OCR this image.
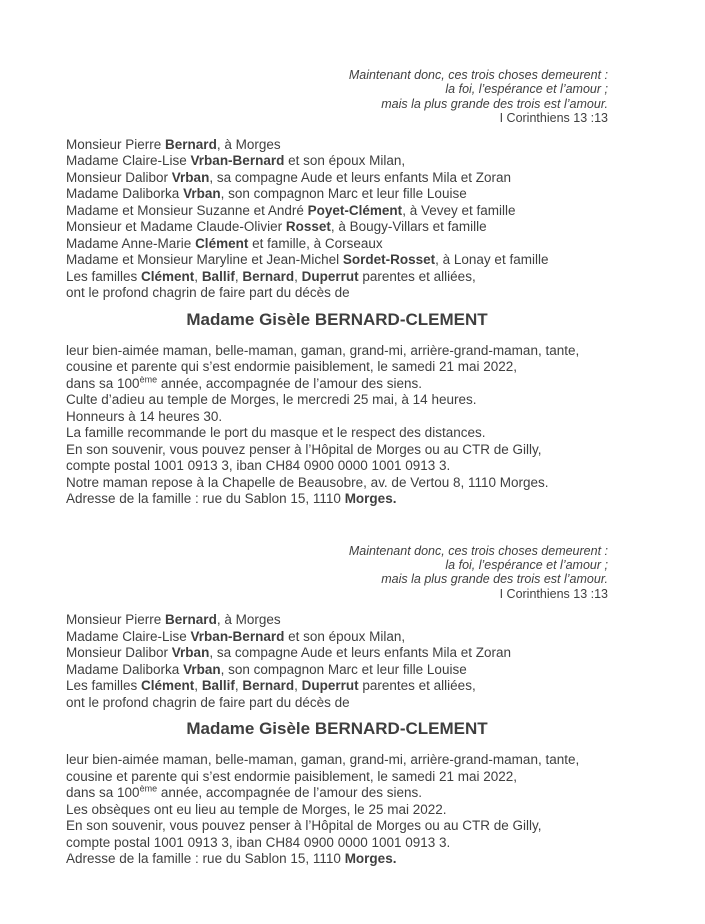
Maintenant donc, ces trois choses demeurent :
la foi, l’espérance et l’amour ;
mais la plus grande des trois est l’amour.
I Corinthiens 13 :13
Monsieur Pierre Bernard, à Morges
Madame Claire-Lise Vrban-Bernard et son époux Milan,
Monsieur Dalibor Vrban, sa compagne Aude et leurs enfants Mila et Zoran
Madame Daliborka Vrban, son compagnon Marc et leur fille Louise
Madame et Monsieur Suzanne et André Poyet-Clément, à Vevey et famille
Monsieur et Madame Claude-Olivier Rosset, à Bougy-Villars et famille
Madame Anne-Marie Clément et famille, à Corseaux
Madame et Monsieur Maryline et Jean-Michel Sordet-Rosset, à Lonay et famille
Les familles Clément, Ballif, Bernard, Duperrut parentes et alliées,
ont le profond chagrin de faire part du décès de
Madame Gisèle BERNARD-CLEMENT
leur bien-aimée maman, belle-maman, gaman, grand-mi, arrière-grand-maman, tante,
cousine et parente qui s’est endormie paisiblement, le samedi 21 mai 2022,
dans sa 100ème année, accompagnée de l’amour des siens.
Culte d’adieu au temple de Morges, le mercredi 25 mai, à 14 heures.
Honneurs à 14 heures 30.
La famille recommande le port du masque et le respect des distances.
En son souvenir, vous pouvez penser à l’Hôpital de Morges ou au CTR de Gilly,
compte postal 1001 0913 3, iban CH84 0900 0000 1001 0913 3.
Notre maman repose à la Chapelle de Beausobre, av. de Vertou 8, 1110 Morges.
Adresse de la famille : rue du Sablon 15, 1110 Morges.
Maintenant donc, ces trois choses demeurent :
la foi, l’espérance et l’amour ;
mais la plus grande des trois est l’amour.
I Corinthiens 13 :13
Monsieur Pierre Bernard, à Morges
Madame Claire-Lise Vrban-Bernard et son époux Milan,
Monsieur Dalibor Vrban, sa compagne Aude et leurs enfants Mila et Zoran
Madame Daliborka Vrban, son compagnon Marc et leur fille Louise
Les familles Clément, Ballif, Bernard, Duperrut parentes et alliées,
ont le profond chagrin de faire part du décès de
Madame Gisèle BERNARD-CLEMENT
leur bien-aimée maman, belle-maman, gaman, grand-mi, arrière-grand-maman, tante,
cousine et parente qui s’est endormie paisiblement, le samedi 21 mai 2022,
dans sa 100ème année, accompagnée de l’amour des siens.
Les obsèques ont eu lieu au temple de Morges, le 25 mai 2022.
En son souvenir, vous pouvez penser à l’Hôpital de Morges ou au CTR de Gilly,
compte postal 1001 0913 3, iban CH84 0900 0000 1001 0913 3.
Adresse de la famille : rue du Sablon 15, 1110 Morges.
